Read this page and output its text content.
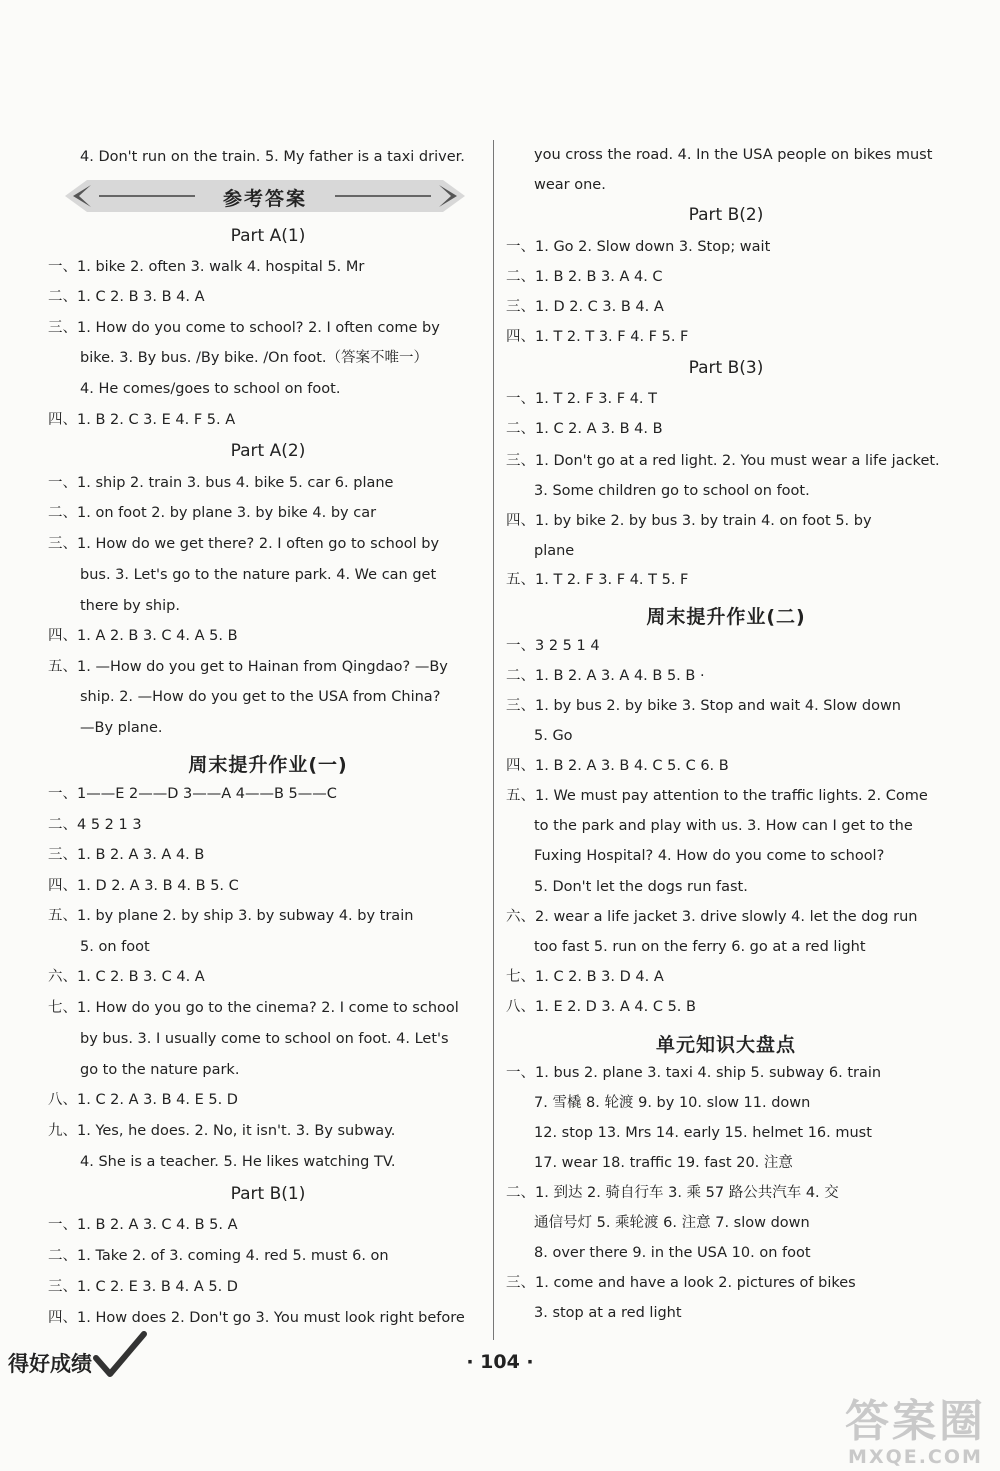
4. Don't run on the train. 5. My father is a taxi driver.
一、1. bike 2. often 3. walk 4. hospital 5. Mr
二、1. C 2. B 3. B 4. A
三、1. How do you come to school? 2. I often come by
bike. 3. By bus. /By bike. /On foot.（答案不唯一）
4. He comes/goes to school on foot.
四、1. B 2. C 3. E 4. F 5. A
一、1. ship 2. train 3. bus 4. bike 5. car 6. plane
二、1. on foot 2. by plane 3. by bike 4. by car
三、1. How do we get there? 2. I often go to school by
bus. 3. Let's go to the nature park. 4. We can get
there by ship.
四、1. A 2. B 3. C 4. A 5. B
五、1. —How do you get to Hainan from Qingdao? —By
ship. 2. —How do you get to the USA from China?
—By plane.
一、1——E 2——D 3——A 4——B 5——C
二、4 5 2 1 3
三、1. B 2. A 3. A 4. B
四、1. D 2. A 3. B 4. B 5. C
五、1. by plane 2. by ship 3. by subway 4. by train
5. on foot
六、1. C 2. B 3. C 4. A
七、1. How do you go to the cinema? 2. I come to school
by bus. 3. I usually come to school on foot. 4. Let's
go to the nature park.
八、1. C 2. A 3. B 4. E 5. D
九、1. Yes, he does. 2. No, it isn't. 3. By subway.
4. She is a teacher. 5. He likes watching TV.
一、1. B 2. A 3. C 4. B 5. A
二、1. Take 2. of 3. coming 4. red 5. must 6. on
三、1. C 2. E 3. B 4. A 5. D
四、1. How does 2. Don't go 3. You must look right before
Part A(1)
Part A(2)
周末提升作业(一)
Part B(1)
you cross the road. 4. In the USA people on bikes must
wear one.
一、1. Go 2. Slow down 3. Stop; wait
二、1. B 2. B 3. A 4. C
三、1. D 2. C 3. B 4. A
四、1. T 2. T 3. F 4. F 5. F
一、1. T 2. F 3. F 4. T
二、1. C 2. A 3. B 4. B
三、1. Don't go at a red light. 2. You must wear a life jacket.
3. Some children go to school on foot.
四、1. by bike 2. by bus 3. by train 4. on foot 5. by
plane
五、1. T 2. F 3. F 4. T 5. F
一、3 2 5 1 4
二、1. B 2. A 3. A 4. B 5. B ·
三、1. by bus 2. by bike 3. Stop and wait 4. Slow down
5. Go
四、1. B 2. A 3. B 4. C 5. C 6. B
五、1. We must pay attention to the traffic lights. 2. Come
to the park and play with us. 3. How can I get to the
Fuxing Hospital? 4. How do you come to school?
5. Don't let the dogs run fast.
六、2. wear a life jacket 3. drive slowly 4. let the dog run
too fast 5. run on the ferry 6. go at a red light
七、1. C 2. B 3. D 4. A
八、1. E 2. D 3. A 4. C 5. B
一、1. bus 2. plane 3. taxi 4. ship 5. subway 6. train
7. 雪橇 8. 轮渡 9. by 10. slow 11. down
12. stop 13. Mrs 14. early 15. helmet 16. must
17. wear 18. traffic 19. fast 20. 注意
二、1. 到达 2. 骑自行车 3. 乘 57 路公共汽车 4. 交
通信号灯 5. 乘轮渡 6. 注意 7. slow down
8. over there 9. in the USA 10. on foot
三、1. come and have a look 2. pictures of bikes
3. stop at a red light
Part B(2)
Part B(3)
周末提升作业(二)
单元知识大盘点
参考答案
得好成绩	· 104 ·
答案圈
MXQE.COM
